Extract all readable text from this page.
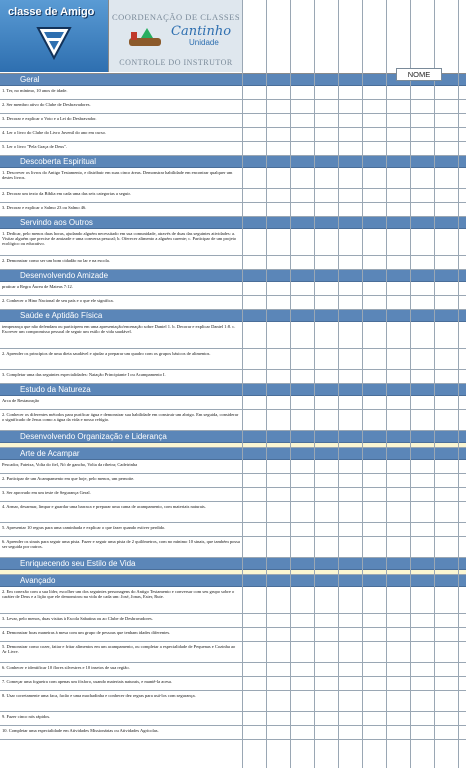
classe de Amigo	COORDENAÇÃO DE CLASSES
Cantinho
Unidade
CONTROLE DO INSTRUTOR
NOME
Geral
1. Ter, no mínimo, 10 anos de idade.
2. Ser membro ativo do Clube de Desbravadores.
3. Decorar e explicar o Voto e a Lei do Desbravador.
4. Ler o livro do Clube do Livro Juvenil do ano em curso.
5. Ler o livro "Pela Graça de Deus".
Descoberta Espiritual
1. Descrever os livros do Antigo Testamento, e distribuir em suas cinco áreas. Demonstrar habilidade em encontrar qualquer um destes livros.
2. Decorar um texto da Bíblia em cada uma das seis categorias a seguir.
3. Decorar e explicar o Salmo 23 ou Salmo 46.
Servindo aos Outros
1. Dedicar, pelo menos duas horas, ajudando alguém necessitado em sua comunidade, através de duas das seguintes atividades: a. Visitar alguém que precise de amizade e uma conversa pessoal; b. Oferecer alimento a alguém carente; c. Participar de um projeto ecológico ou educativo.
2. Demonstrar como ser um bom cidadão no lar e na escola.
Desenvolvendo Amizade
praticar a Regra Áurea de Mateus 7:12.
2. Conhecer o Hino Nacional de seu país e o que ele significa.
Saúde e Aptidão Física
temperança que não defendam ou participem em uma apresentação/encenação sobre Daniel 1. b. Decorar e explicar Daniel 1:8. c. Escrever um compromisso pessoal de seguir um estilo de vida saudável.
2. Aprender os princípios de uma dieta saudável e ajudar a preparar um quadro com os grupos básicos de alimentos.
3. Completar uma das seguintes especialidades: Natação Principiante I ou Acampamento I.
Estudo da Natureza
Arca de Restauração
2. Conhecer os diferentes métodos para purificar água e demonstrar sua habilidade em construir um abrigo. Em seguida, considerar o significado de Jesus como a água da vida e nosso refúgio.
Desenvolvendo Organização e Liderança
Arte de Acampar
Pescador, Fateixa, Volta do fiel, Nó de gancho, Volta da ribeira; Cadeirinha
2. Participar de um Acampamento em que hoje, pelo menos, um pernoite.
3. Ser aprovado em um teste de Segurança Geral.
4. Armar, desarmar, limpar e guardar uma barraca e preparar uma cama de acampamento, com materiais naturais.
5. Apresentar 10 regras para uma caminhada e explicar o que fazer quando estiver perdido.
6. Aprender os sinais para seguir uma pista. Fazer e seguir uma pista de 2 quilômetros, com no mínimo 10 sinais, que também possa ser seguida por outros.
Enriquecendo seu Estilo de Vida
Avançado
2. Em conexão com a sua líder, escolher um dos seguintes personagens do Antigo Testamento e conversar com seu grupo sobre o caráter de Deus e a lição que ele demonstrou na vida de cada um: José, Jonas, Ester, Rute.
3. Levar, pelo menos, duas visitas à Escola Sabatina ou ao Clube de Desbravadores.
4. Demonstrar boas maneiras à mesa com um grupo de pessoas que tenham idades diferentes.
5. Demonstrar como cozer, fatiar e fritar alimentos em um acampamento, ou completar a especialidade de Pequenas e Cozinha ao Ar Livre.
6. Conhecer e identificar 10 flores silvestres e 10 insetos de sua região.
7. Começar uma fogueira com apenas um fósforo, usando materiais naturais, e mantê-la acesa.
8. Usar corretamente uma faca, facão e uma machadinha e conhecer dez regras para usá-los com segurança.
9. Fazer cinco nós rápidos.
10. Completar uma especialidade em Atividades Missionárias ou Atividades Agrícolas.
